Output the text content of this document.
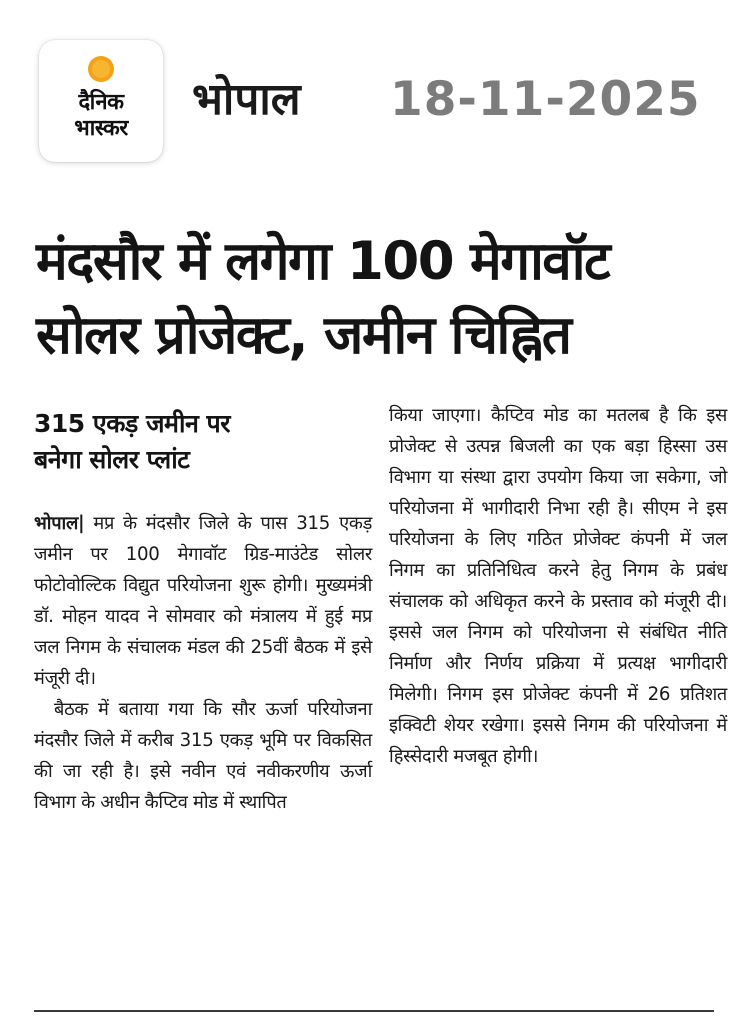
दैनिक
भास्कर
भोपाल 18-11-2025
मंदसौर में लगेगा 100 मेगावॉट
सोलर प्रोजेक्ट, जमीन चिह्नित
315 एकड़ जमीन पर
बनेगा सोलर प्लांट

भोपाल| मप्र के मंदसौर जिले के पास 315 एकड़ जमीन पर 100 मेगावॉट ग्रिड-माउंटेड सोलर फोटोवोल्टिक विद्युत परियोजना शुरू होगी। मुख्यमंत्री डॉ. मोहन यादव ने सोमवार को मंत्रालय में हुई मप्र जल निगम के संचालक मंडल की 25वीं बैठक में इसे मंजूरी दी।

बैठक में बताया गया कि सौर ऊर्जा परियोजना मंदसौर जिले में करीब 315 एकड़ भूमि पर विकसित की जा रही है। इसे नवीन एवं नवीकरणीय ऊर्जा विभाग के अधीन कैप्टिव मोड में स्थापित

किया जाएगा। कैप्टिव मोड का मतलब है कि इस प्रोजेक्ट से उत्पन्न बिजली का एक बड़ा हिस्सा उस विभाग या संस्था द्वारा उपयोग किया जा सकेगा, जो परियोजना में भागीदारी निभा रही है। सीएम ने इस परियोजना के लिए गठित प्रोजेक्ट कंपनी में जल निगम का प्रतिनिधित्व करने हेतु निगम के प्रबंध संचालक को अधिकृत करने के प्रस्ताव को मंजूरी दी। इससे जल निगम को परियोजना से संबंधित नीति निर्माण और निर्णय प्रक्रिया में प्रत्यक्ष भागीदारी मिलेगी। निगम इस प्रोजेक्ट कंपनी में 26 प्रतिशत इक्विटी शेयर रखेगा। इससे निगम की परियोजना में हिस्सेदारी मजबूत होगी।
